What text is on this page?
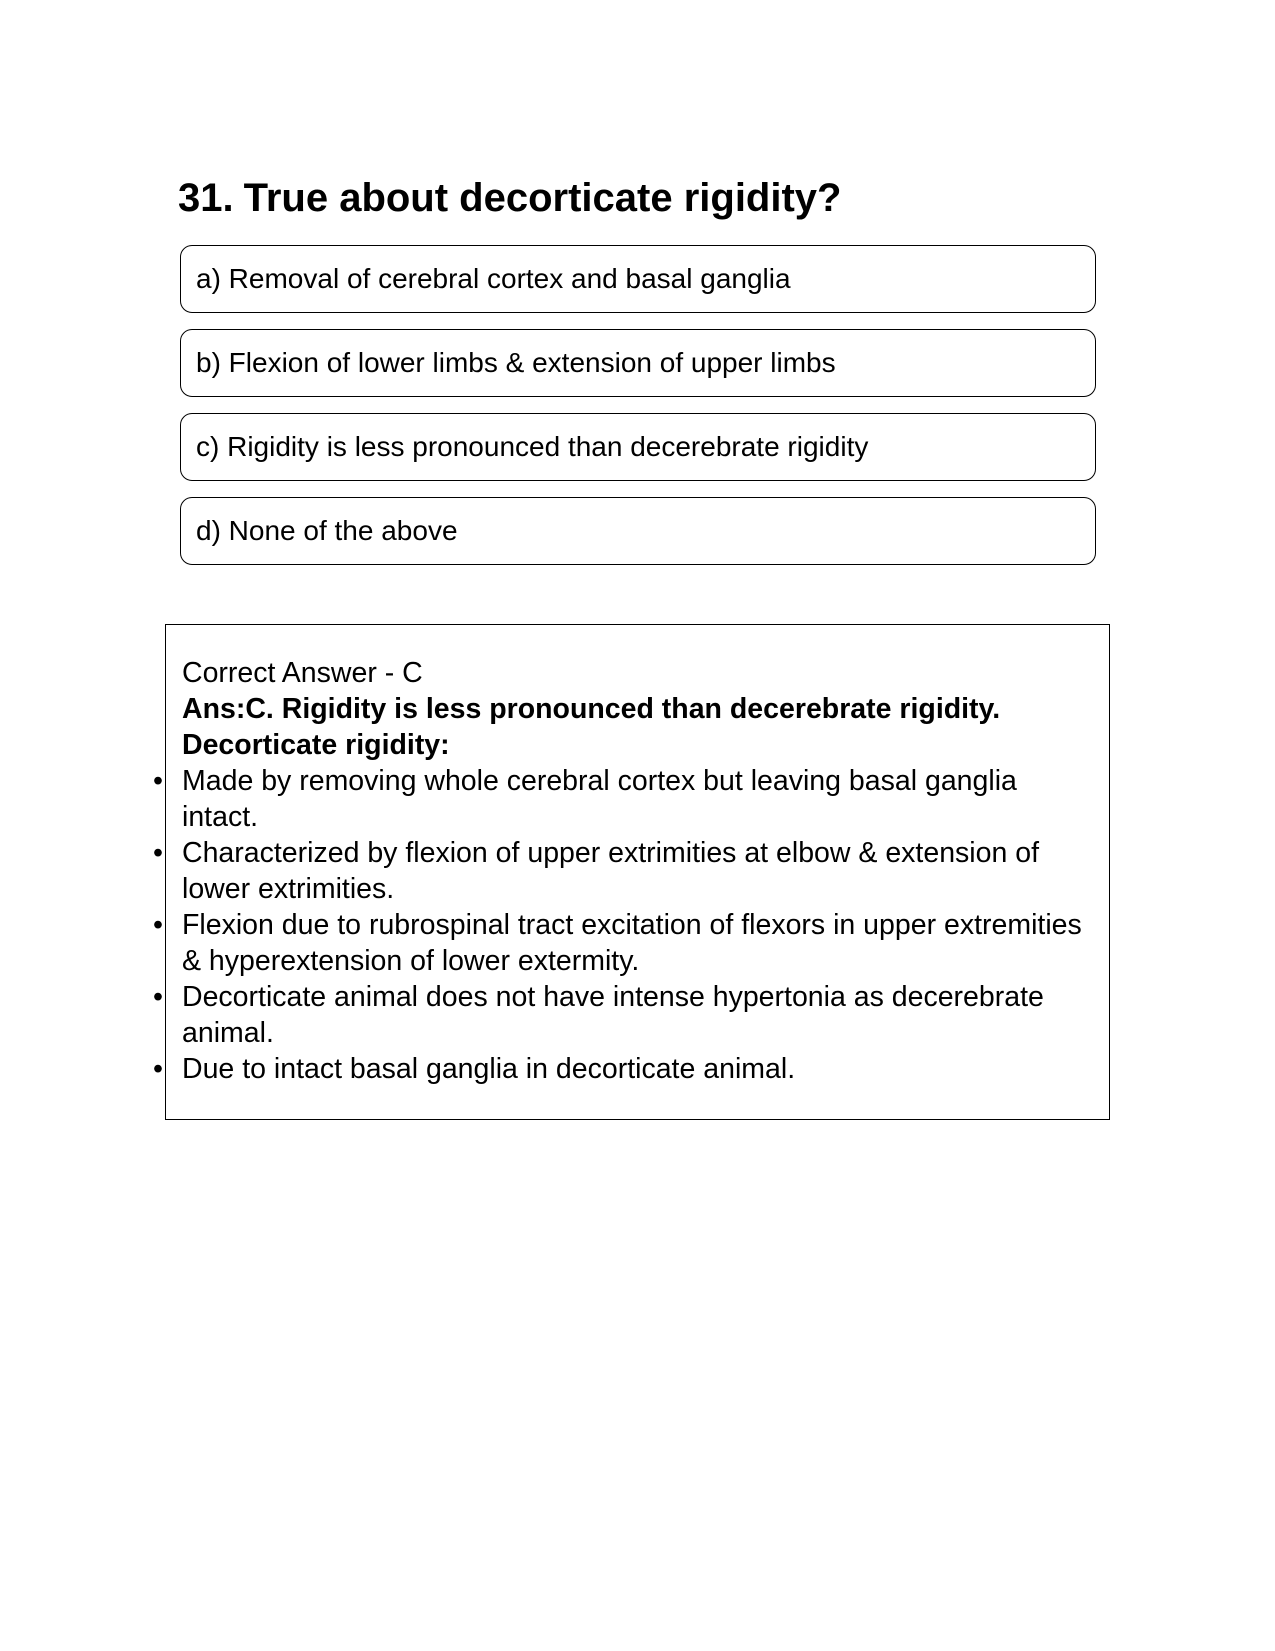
31. True about decorticate rigidity?
a) Removal of cerebral cortex and basal ganglia
b) Flexion of lower limbs & extension of upper limbs
c) Rigidity is less pronounced than decerebrate rigidity
d) None of the above

Correct Answer - C

Ans:C. Rigidity is less pronounced than decerebrate rigidity.

Decorticate rigidity:

• Made by removing whole cerebral cortex but leaving basal ganglia intact.
• Characterized by flexion of upper extrimities at elbow & extension of lower extrimities.
• Flexion due to rubrospinal tract excitation of flexors in upper extremities & hyperextension of lower extermity.
• Decorticate animal does not have intense hypertonia as decerebrate animal.
• Due to intact basal ganglia in decorticate animal.
